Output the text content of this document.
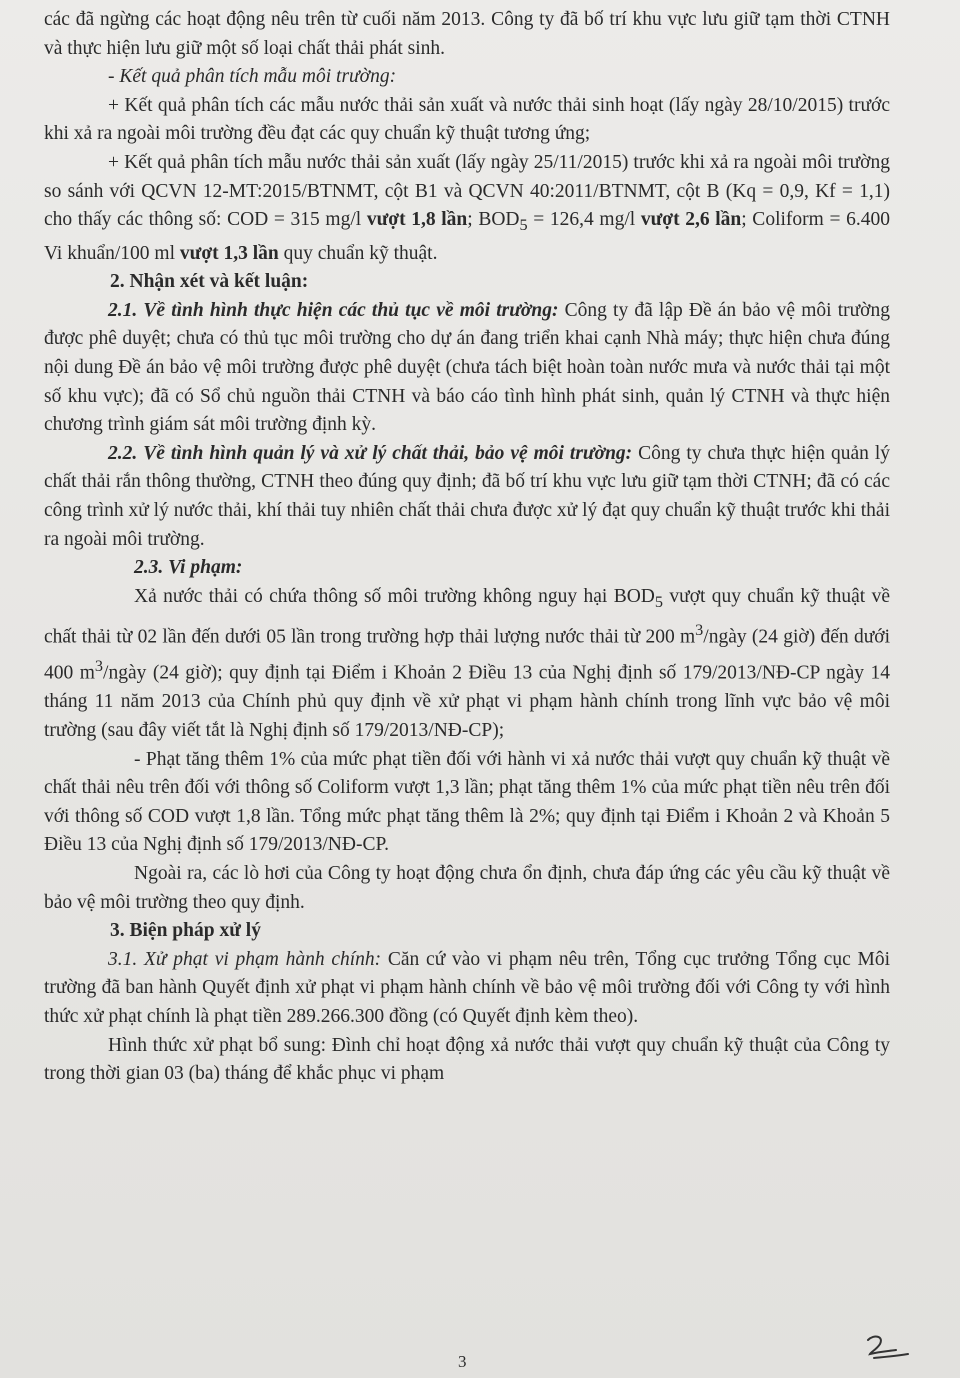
các đã ngừng các hoạt động nêu trên từ cuối năm 2013. Công ty đã bố trí khu vực lưu giữ tạm thời CTNH và thực hiện lưu giữ một số loại chất thải phát sinh.

- Kết quả phân tích mẫu môi trường:

+ Kết quả phân tích các mẫu nước thải sản xuất và nước thải sinh hoạt (lấy ngày 28/10/2015) trước khi xả ra ngoài môi trường đều đạt các quy chuẩn kỹ thuật tương ứng;

+ Kết quả phân tích mẫu nước thải sản xuất (lấy ngày 25/11/2015) trước khi xả ra ngoài môi trường so sánh với QCVN 12-MT:2015/BTNMT, cột B1 và QCVN 40:2011/BTNMT, cột B (Kq = 0,9, Kf = 1,1) cho thấy các thông số: COD = 315 mg/l vượt 1,8 lần; $BOD_5 = 126,4$ mg/l vượt 2,6 lần; Coliform = 6.400 Vi khuẩn/100 ml vượt 1,3 lần quy chuẩn kỹ thuật.

2. Nhận xét và kết luận:

2.1. Về tình hình thực hiện các thủ tục về môi trường: Công ty đã lập Đề án bảo vệ môi trường được phê duyệt; chưa có thủ tục môi trường cho dự án đang triển khai cạnh Nhà máy; thực hiện chưa đúng nội dung Đề án bảo vệ môi trường được phê duyệt (chưa tách biệt hoàn toàn nước mưa và nước thải tại một số khu vực); đã có Sổ chủ nguồn thải CTNH và báo cáo tình hình phát sinh, quản lý CTNH và thực hiện chương trình giám sát môi trường định kỳ.

2.2. Về tình hình quản lý và xử lý chất thải, bảo vệ môi trường: Công ty chưa thực hiện quản lý chất thải rắn thông thường, CTNH theo đúng quy định; đã bố trí khu vực lưu giữ tạm thời CTNH; đã có các công trình xử lý nước thải, khí thải tuy nhiên chất thải chưa được xử lý đạt quy chuẩn kỹ thuật trước khi thải ra ngoài môi trường.

2.3. Vi phạm:

Xả nước thải có chứa thông số môi trường không nguy hại $BOD_5$ vượt quy chuẩn kỹ thuật về chất thải từ 02 lần đến dưới 05 lần trong trường hợp thải lượng nước thải từ 200 $m^3$/ngày (24 giờ) đến dưới 400 $m^3$/ngày (24 giờ); quy định tại Điểm i Khoản 2 Điều 13 của Nghị định số 179/2013/NĐ-CP ngày 14 tháng 11 năm 2013 của Chính phủ quy định về xử phạt vi phạm hành chính trong lĩnh vực bảo vệ môi trường (sau đây viết tắt là Nghị định số 179/2013/NĐ-CP);

- Phạt tăng thêm 1% của mức phạt tiền đối với hành vi xả nước thải vượt quy chuẩn kỹ thuật về chất thải nêu trên đối với thông số Coliform vượt 1,3 lần; phạt tăng thêm 1% của mức phạt tiền nêu trên đối với thông số COD vượt 1,8 lần. Tổng mức phạt tăng thêm là 2%; quy định tại Điểm i Khoản 2 và Khoản 5 Điều 13 của Nghị định số 179/2013/NĐ-CP.

Ngoài ra, các lò hơi của Công ty hoạt động chưa ổn định, chưa đáp ứng các yêu cầu kỹ thuật về bảo vệ môi trường theo quy định.

3. Biện pháp xử lý

3.1. Xử phạt vi phạm hành chính: Căn cứ vào vi phạm nêu trên, Tổng cục trưởng Tổng cục Môi trường đã ban hành Quyết định xử phạt vi phạm hành chính về bảo vệ môi trường đối với Công ty với hình thức xử phạt chính là phạt tiền 289.266.300 đồng (có Quyết định kèm theo).

Hình thức xử phạt bổ sung: Đình chỉ hoạt động xả nước thải vượt quy chuẩn kỹ thuật của Công ty trong thời gian 03 (ba) tháng để khắc phục vi phạm

3
